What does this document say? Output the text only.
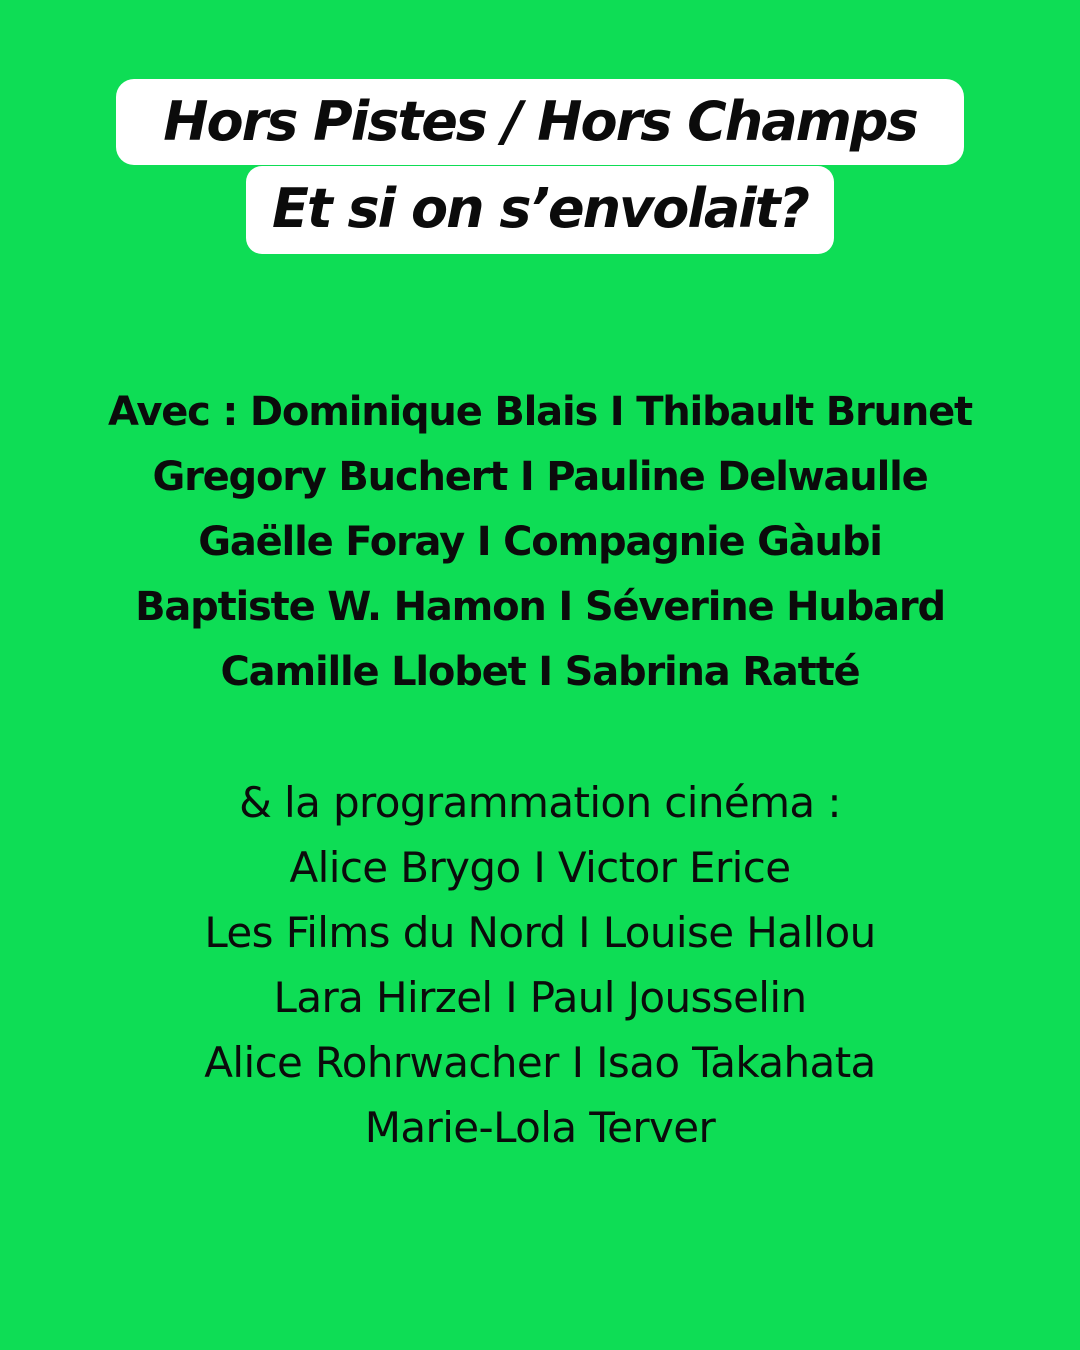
Hors Pistes / Hors Champs
Et si on s’envolait?
Avec : Dominique Blais I Thibault Brunet
Gregory Buchert I Pauline Delwaulle
Gaëlle Foray I Compagnie Gàubi
Baptiste W. Hamon I Séverine Hubard
Camille Llobet I Sabrina Ratté
& la programmation cinéma :
Alice Brygo I Victor Erice
Les Films du Nord I Louise Hallou
Lara Hirzel I Paul Jousselin
Alice Rohrwacher I Isao Takahata
Marie-Lola Terver
